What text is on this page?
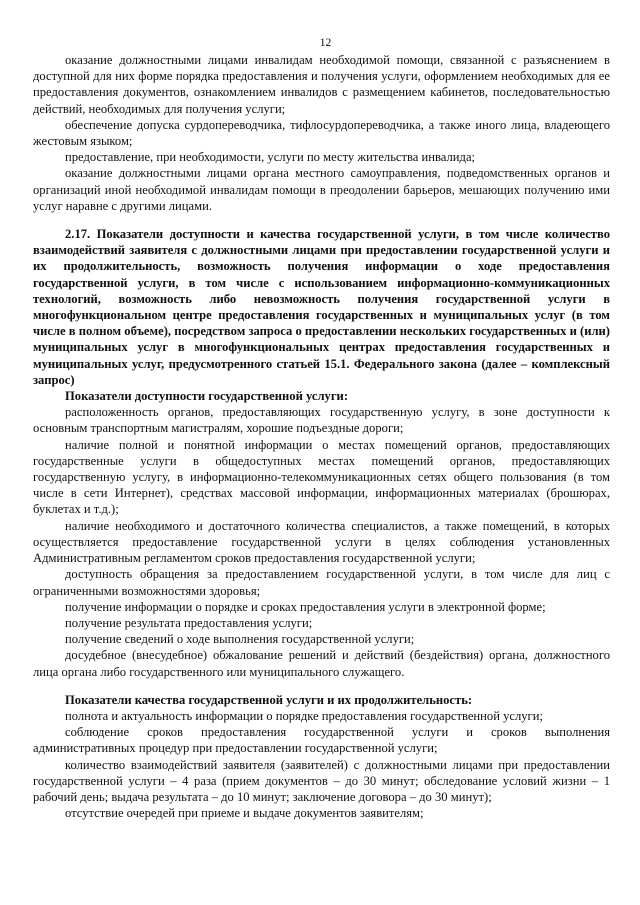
12

оказание должностными лицами инвалидам необходимой помощи, связанной с разъяснением в доступной для них форме порядка предоставления и получения услуги, оформлением необходимых для ее предоставления документов, ознакомлением инвалидов с размещением кабинетов, последовательностью действий, необходимых для получения услуги;

обеспечение допуска сурдопереводчика, тифлосурдопереводчика, а также иного лица, владеющего жестовым языком;

предоставление, при необходимости, услуги по месту жительства инвалида;

оказание должностными лицами органа местного самоуправления, подведомственных органов и организаций иной необходимой инвалидам помощи в преодолении барьеров, мешающих получению ими услуг наравне с другими лицами.

2.17. Показатели доступности и качества государственной услуги, в том числе количество взаимодействий заявителя с должностными лицами при предоставлении государственной услуги и их продолжительность, возможность получения информации о ходе предоставления государственной услуги, в том числе с использованием информационно-коммуникационных технологий, возможность либо невозможность получения государственной услуги в многофункциональном центре предоставления государственных и муниципальных услуг (в том числе в полном объеме), посредством запроса о предоставлении нескольких государственных и (или) муниципальных услуг в многофункциональных центрах предоставления государственных и муниципальных услуг, предусмотренного статьей 15.1. Федерального закона (далее – комплексный запрос)

Показатели доступности государственной услуги:

расположенность органов, предоставляющих государственную услугу, в зоне доступности к основным транспортным магистралям, хорошие подъездные дороги;

наличие полной и понятной информации о местах помещений органов, предоставляющих государственные услуги в общедоступных местах помещений органов, предоставляющих государственную услугу, в информационно-телекоммуникационных сетях общего пользования (в том числе в сети Интернет), средствах массовой информации, информационных материалах (брошюрах, буклетах и т.д.);

наличие необходимого и достаточного количества специалистов, а также помещений, в которых осуществляется предоставление государственной услуги в целях соблюдения установленных Административным регламентом сроков предоставления государственной услуги;

доступность обращения за предоставлением государственной услуги, в том числе для лиц с ограниченными возможностями здоровья;

получение информации о порядке и сроках предоставления услуги в электронной форме;

получение результата предоставления услуги;

получение сведений о ходе выполнения государственной услуги;

досудебное (внесудебное) обжалование решений и действий (бездействия) органа, должностного лица органа либо государственного или муниципального служащего.

Показатели качества государственной услуги и их продолжительность:

полнота и актуальность информации о порядке предоставления государственной услуги;

соблюдение сроков предоставления государственной услуги и сроков выполнения административных процедур при предоставлении государственной услуги;

количество взаимодействий заявителя (заявителей) с должностными лицами при предоставлении государственной услуги – 4 раза (прием документов – до 30 минут; обследование условий жизни – 1 рабочий день; выдача результата – до 10 минут; заключение договора – до 30 минут);

отсутствие очередей при приеме и выдаче документов заявителям;
